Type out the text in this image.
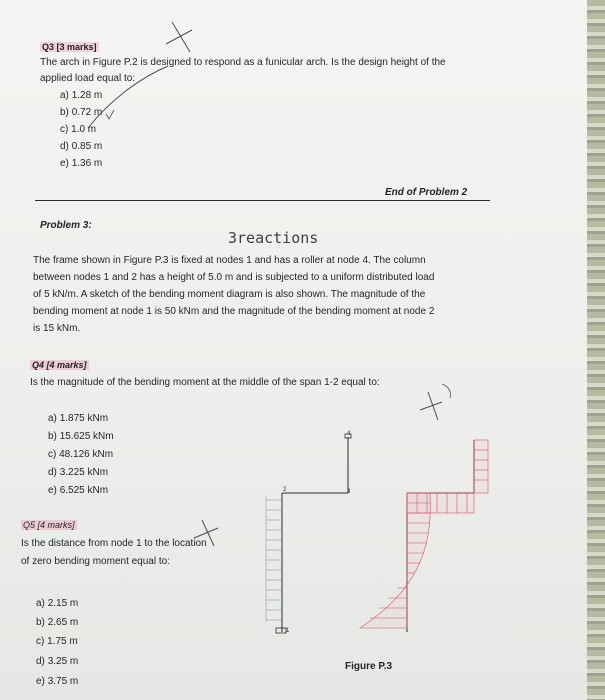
Q3 [3 marks]
The arch in Figure P.2 is designed to respond as a funicular arch. Is the design height of the
applied load equal to:
a) 1.28 m
b) 0.72 m
c) 1.0 m
d) 0.85 m
e) 1.36 m
End of Problem 2
Problem 3:
3reactions
The frame shown in Figure P.3 is fixed at nodes 1 and has a roller at node 4. The column
between nodes 1 and 2 has a height of 5.0 m and is subjected to a uniform distributed load
of 5 kN/m. A sketch of the bending moment diagram is also shown. The magnitude of the
bending moment at node 1 is 50 kNm and the magnitude of the bending moment at node 2
is 15 kNm.
Q4 [4 marks]
Is the magnitude of the bending moment at the middle of the span 1-2 equal to:
a) 1.875 kNm
b) 15.625 kNm
c) 48.126 kNm
d) 3.225 kNm
e) 6.525 kNm
Q5 [4 marks]
Is the distance from node 1 to the location
of zero bending moment equal to:
a) 2.15 m
b) 2.65 m
c) 1.75 m
d) 3.25 m
e) 3.75 m
Figure P.3
2
1
3
4
